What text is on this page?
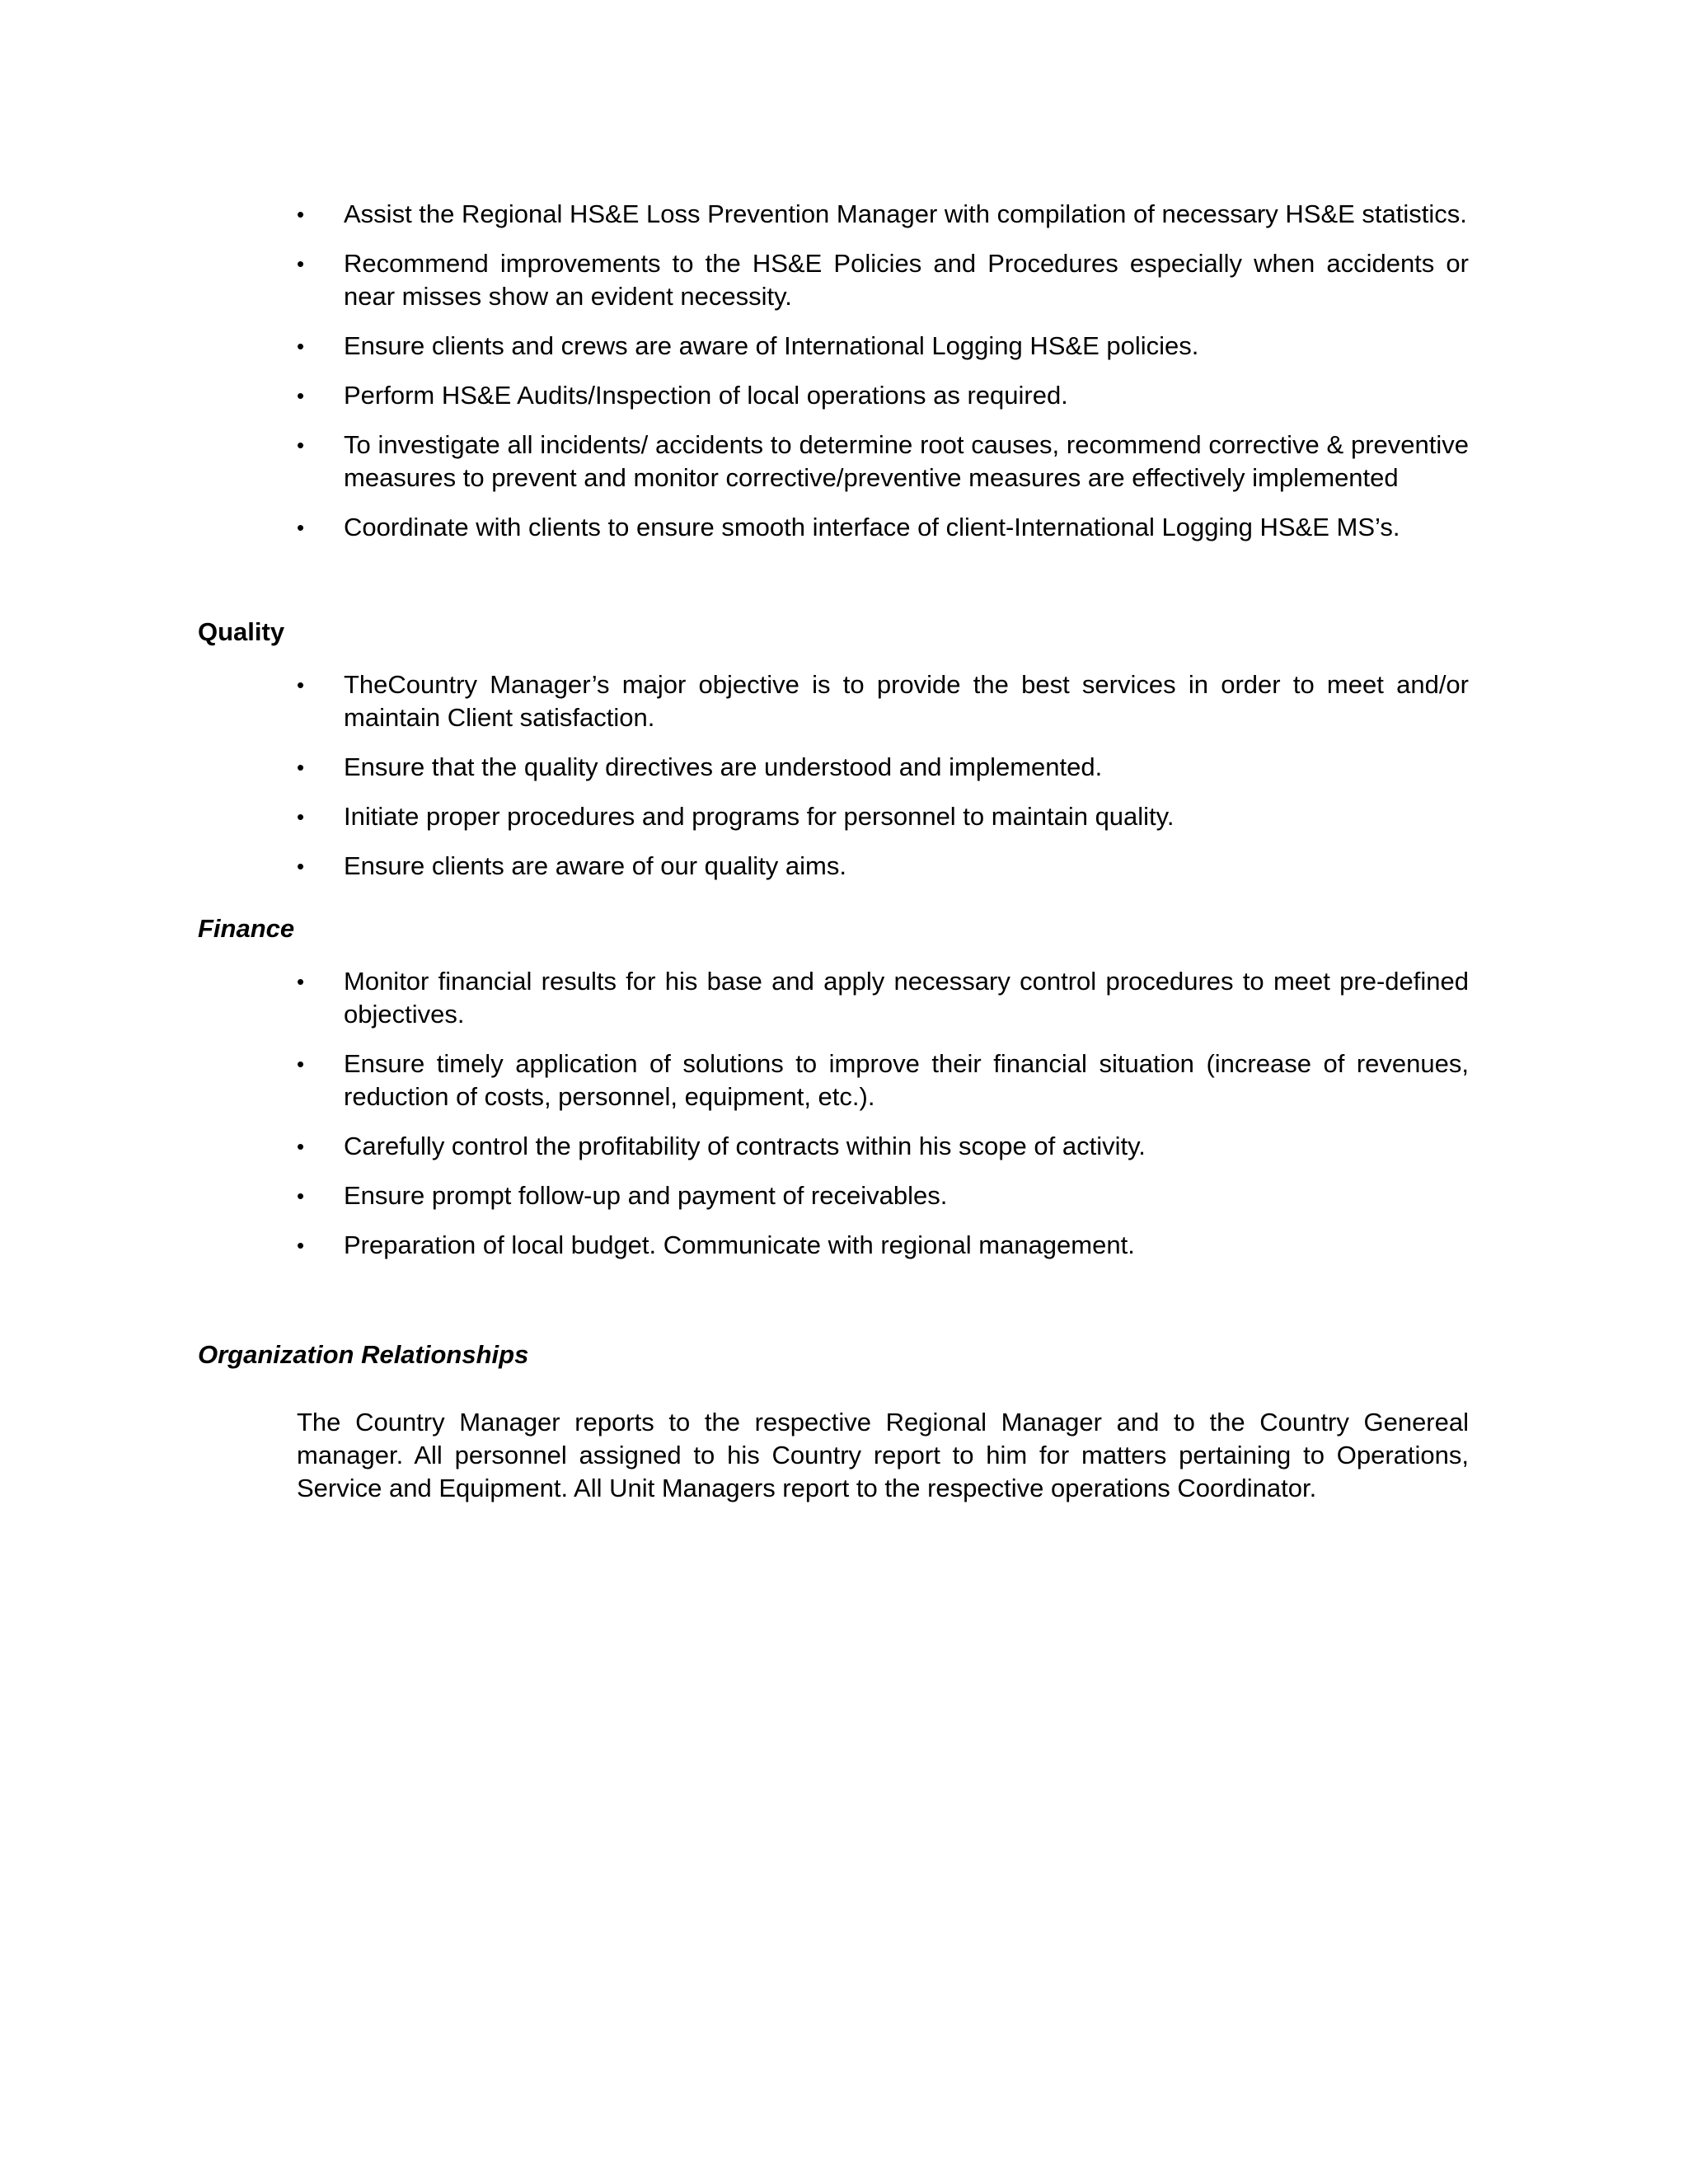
•	Assist the Regional HS&E Loss Prevention Manager with compilation of necessary HS&E statistics.
•	Recommend improvements to the HS&E Policies and Procedures especially when accidents or near misses show an evident necessity.
•	Ensure clients and crews are aware of International Logging HS&E policies.
•	Perform HS&E Audits/Inspection of local operations as required.
•	To investigate all incidents/ accidents to determine root causes, recommend corrective & preventive measures to prevent and monitor corrective/preventive measures are effectively implemented
•	Coordinate with clients to ensure smooth interface of client-International Logging HS&E MS’s.
Quality
•	TheCountry Manager’s major objective is to provide the best services in order to meet and/or maintain Client satisfaction.
•	Ensure that the quality directives are understood and implemented.
•	Initiate proper procedures and programs for personnel to maintain quality.
•	Ensure clients are aware of our quality aims.
Finance
•	Monitor financial results for his base and apply necessary control procedures to meet pre-defined objectives.
•	Ensure timely application of solutions to improve their financial situation (increase of revenues, reduction of costs, personnel, equipment, etc.).
•	Carefully control the profitability of contracts within his scope of activity.
•	Ensure prompt follow-up and payment of receivables.
•	Preparation of local budget. Communicate with regional management.
Organization Relationships

The Country Manager reports to the respective Regional Manager and to the Country Genereal manager. All personnel assigned to his Country report to him for matters pertaining to Operations, Service and Equipment. All Unit Managers report to the respective operations Coordinator.
